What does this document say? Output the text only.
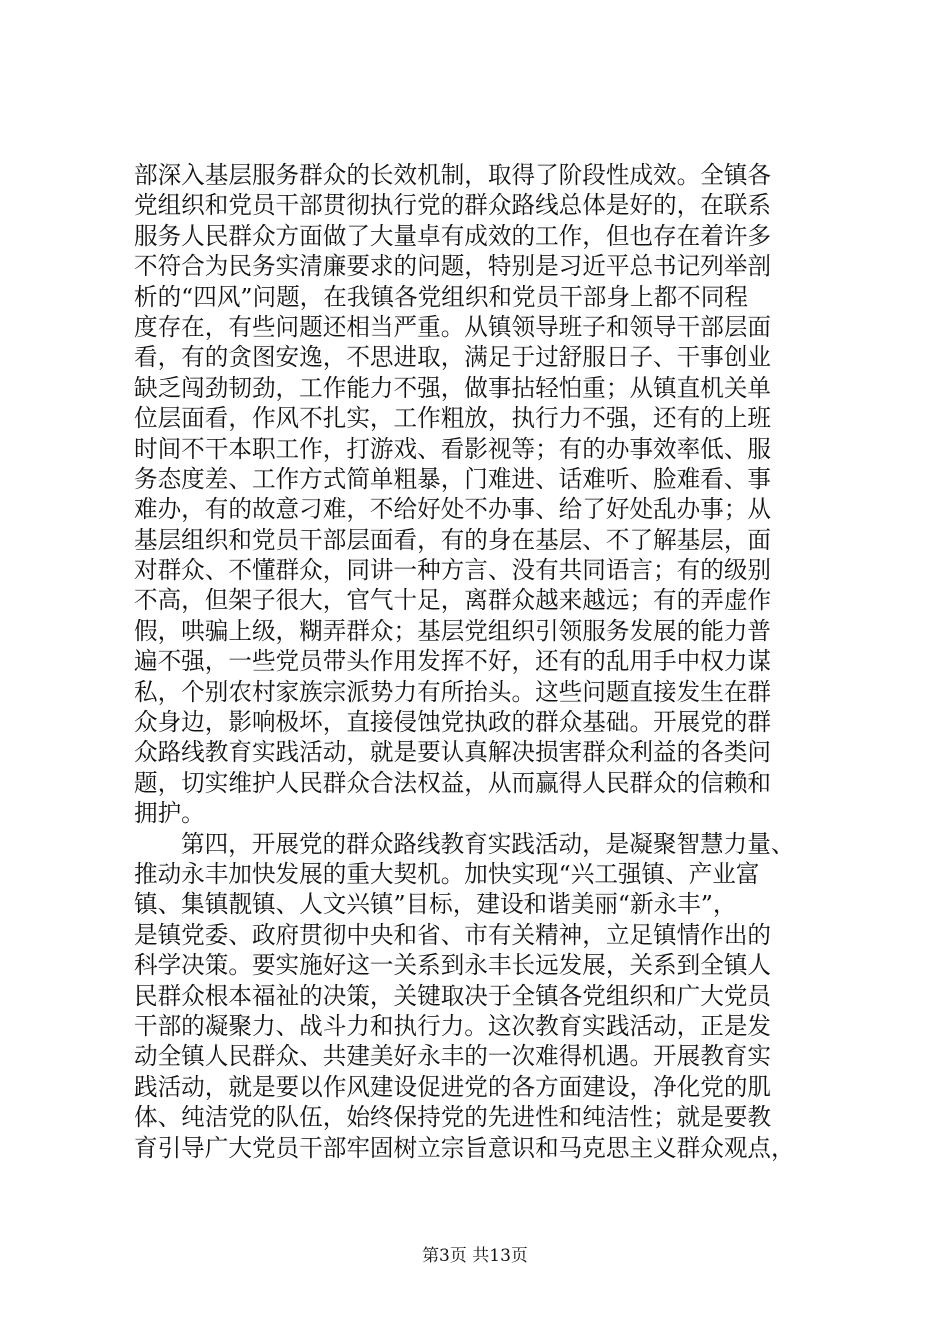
部深入基层服务群众的长效机制，取得了阶段性成效。全镇各
党组织和党员干部贯彻执行党的群众路线总体是好的，在联系
服务人民群众方面做了大量卓有成效的工作，但也存在着许多
不符合为民务实清廉要求的问题，特别是习近平总书记列举剖
析的“四风”问题，在我镇各党组织和党员干部身上都不同程
度存在，有些问题还相当严重。从镇领导班子和领导干部层面
看，有的贪图安逸，不思进取，满足于过舒服日子、干事创业
缺乏闯劲韧劲，工作能力不强，做事拈轻怕重；从镇直机关单
位层面看，作风不扎实，工作粗放，执行力不强，还有的上班
时间不干本职工作，打游戏、看影视等；有的办事效率低、服
务态度差、工作方式简单粗暴，门难进、话难听、脸难看、事
难办，有的故意刁难，不给好处不办事、给了好处乱办事；从
基层组织和党员干部层面看，有的身在基层、不了解基层，面
对群众、不懂群众，同讲一种方言、没有共同语言；有的级别
不高，但架子很大，官气十足，离群众越来越远；有的弄虚作
假，哄骗上级，糊弄群众；基层党组织引领服务发展的能力普
遍不强，一些党员带头作用发挥不好，还有的乱用手中权力谋
私，个别农村家族宗派势力有所抬头。这些问题直接发生在群
众身边，影响极坏，直接侵蚀党执政的群众基础。开展党的群
众路线教育实践活动，就是要认真解决损害群众利益的各类问
题，切实维护人民群众合法权益，从而赢得人民群众的信赖和
拥护。
第四，开展党的群众路线教育实践活动，是凝聚智慧力量、
推动永丰加快发展的重大契机。加快实现“兴工强镇、产业富
镇、集镇靓镇、人文兴镇”目标，建设和谐美丽“新永丰”，
是镇党委、政府贯彻中央和省、市有关精神，立足镇情作出的
科学决策。要实施好这一关系到永丰长远发展，关系到全镇人
民群众根本福祉的决策，关键取决于全镇各党组织和广大党员
干部的凝聚力、战斗力和执行力。这次教育实践活动，正是发
动全镇人民群众、共建美好永丰的一次难得机遇。开展教育实
践活动，就是要以作风建设促进党的各方面建设，净化党的肌
体、纯洁党的队伍，始终保持党的先进性和纯洁性；就是要教
育引导广大党员干部牢固树立宗旨意识和马克思主义群众观点，
第3页 共13页
